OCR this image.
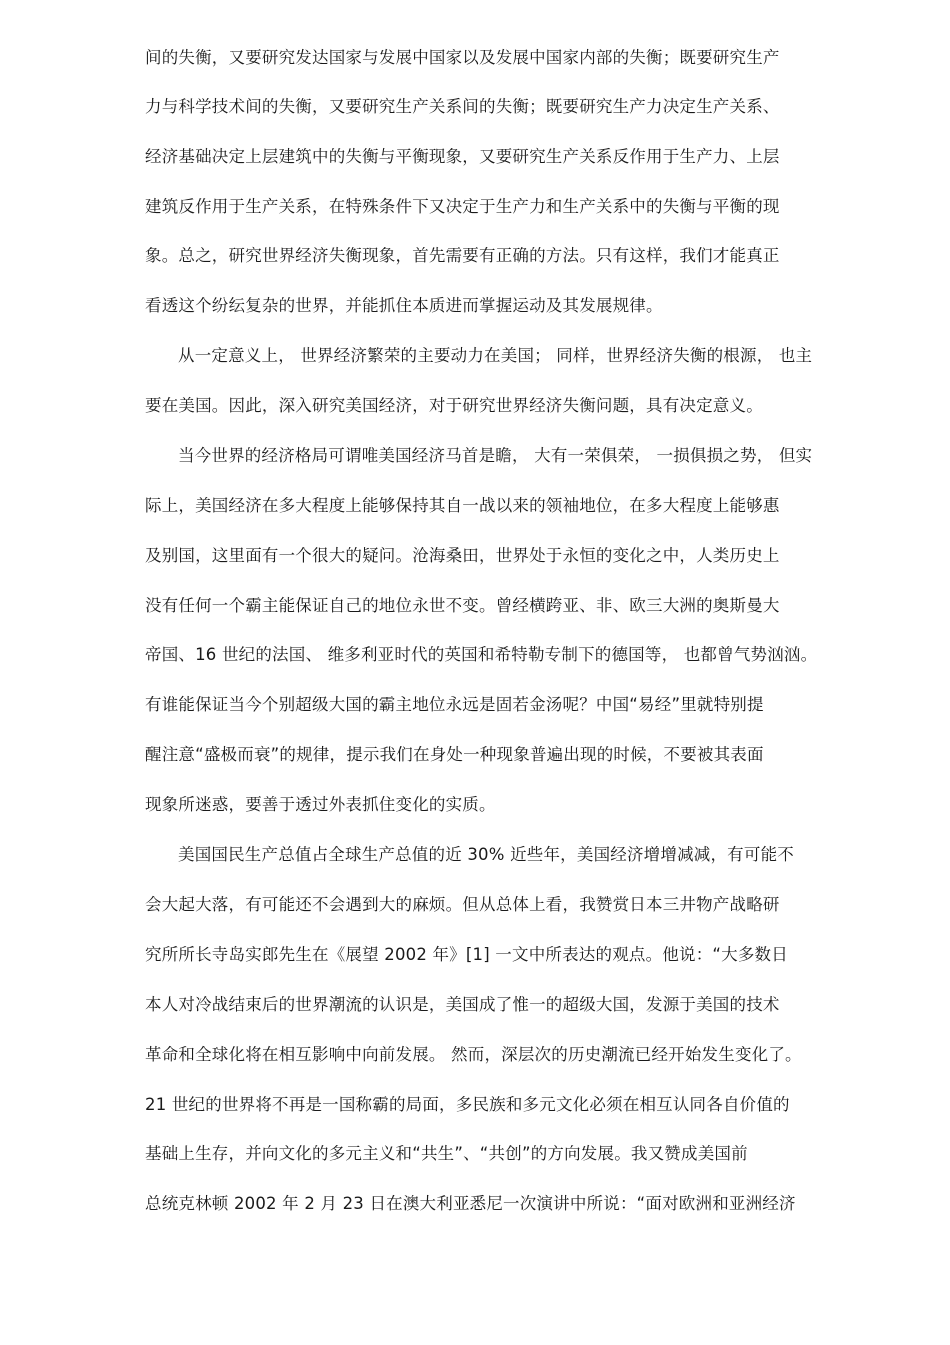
间的失衡，又要研究发达国家与发展中国家以及发展中国家内部的失衡；既要研究生产
力与科学技术间的失衡，又要研究生产关系间的失衡；既要研究生产力决定生产关系、
经济基础决定上层建筑中的失衡与平衡现象，又要研究生产关系反作用于生产力、上层
建筑反作用于生产关系，在特殊条件下又决定于生产力和生产关系中的失衡与平衡的现
象。总之，研究世界经济失衡现象，首先需要有正确的方法。只有这样，我们才能真正
看透这个纷纭复杂的世界，并能抓住本质进而掌握运动及其发展规律。
从一定意义上， 世界经济繁荣的主要动力在美国； 同样，世界经济失衡的根源， 也主
要在美国。因此，深入研究美国经济，对于研究世界经济失衡问题，具有决定意义。
当今世界的经济格局可谓唯美国经济马首是瞻， 大有一荣俱荣， 一损俱损之势， 但实
际上，美国经济在多大程度上能够保持其自一战以来的领袖地位，在多大程度上能够惠
及别国，这里面有一个很大的疑问。沧海桑田，世界处于永恒的变化之中，人类历史上
没有任何一个霸主能保证自己的地位永世不变。曾经横跨亚、非、欧三大洲的奥斯曼大
帝国、16 世纪的法国、 维多利亚时代的英国和希特勒专制下的德国等， 也都曾气势汹汹。
有谁能保证当今个别超级大国的霸主地位永远是固若金汤呢？中国“易经”里就特别提
醒注意“盛极而衰”的规律，提示我们在身处一种现象普遍出现的时候，不要被其表面
现象所迷惑，要善于透过外表抓住变化的实质。
美国国民生产总值占全球生产总值的近 30% 近些年，美国经济增增减减，有可能不
会大起大落，有可能还不会遇到大的麻烦。但从总体上看，我赞赏日本三井物产战略研
究所所长寺岛实郎先生在《展望 2002 年》[1] 一文中所表达的观点。他说：“大多数日
本人对冷战结束后的世界潮流的认识是，美国成了惟一的超级大国，发源于美国的技术
革命和全球化将在相互影响中向前发展。 然而，深层次的历史潮流已经开始发生变化了。
21 世纪的世界将不再是一国称霸的局面，多民族和多元文化必须在相互认同各自价值的
基础上生存，并向文化的多元主义和“共生”、“共创”的方向发展。我又赞成美国前
总统克林顿 2002 年 2 月 23 日在澳大利亚悉尼一次演讲中所说：“面对欧洲和亚洲经济
